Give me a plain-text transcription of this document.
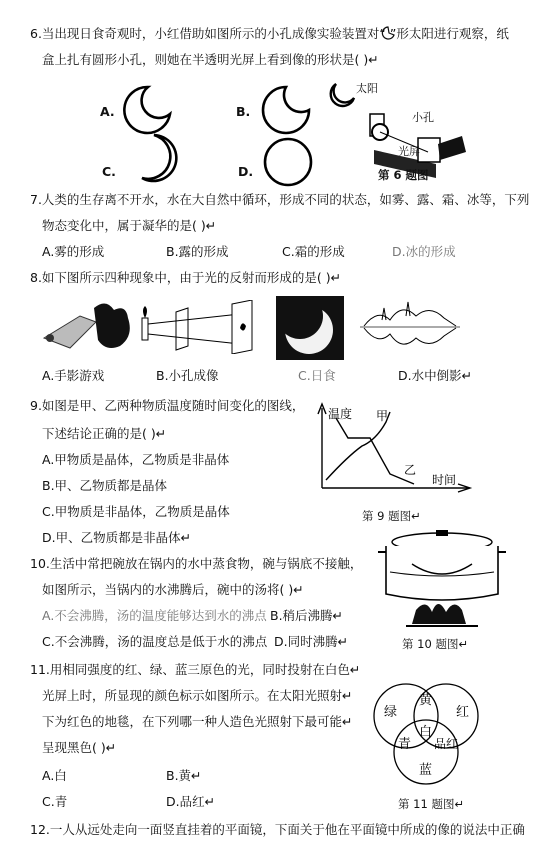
6.当出现日食奇观时，小红借助如图所示的小孔成像实验装置对“ ”形太阳进行观察，纸
盒上扎有圆形小孔，则她在半透明光屏上看到像的形状是( )↵
A.	B.
C.	D.
太阳
小孔
光屏
第 6 题图
7.人类的生存离不开水，水在大自然中循环，形成不同的状态，如雾、露、霜、冰等，下列
物态变化中，属于凝华的是( )↵
A.雾的形成	B.露的形成	C.霜的形成	D.冰的形成
8.如下图所示四种现象中，由于光的反射而形成的是( )↵
A.手影游戏	B.小孔成像	C.日食	D.水中倒影↵
9.如图是甲、乙两种物质温度随时间变化的图线，
下述结论正确的是( )↵
A.甲物质是晶体，乙物质是非晶体
B.甲、乙物质都是晶体
C.甲物质是非晶体，乙物质是晶体
D.甲、乙物质都是非晶体↵
温度 甲
乙
时间
第 9 题图↵
10.生活中常把碗放在锅内的水中蒸食物，碗与锅底不接触，
如图所示，当锅内的水沸腾后，碗中的汤将( )↵
A.不会沸腾，汤的温度能够达到水的沸点 B.稍后沸腾↵
C.不会沸腾，汤的温度总是低于水的沸点 D.同时沸腾↵	第 10 题图↵
11.用相同强度的红、绿、蓝三原色的光，同时投射在白色↵
光屏上时，所显现的颜色标示如图所示。在太阳光照射↵
下为红色的地毯，在下列哪一种人造色光照射下最可能↵
呈现黑色( )↵
A.白	B.黄↵
C.青	D.品红↵
绿
黄
红
白
青 品红
蓝
第 11 题图↵
12.一人从远处走向一面竖直挂着的平面镜，下面关于他在平面镜中所成的像的说法中正确
